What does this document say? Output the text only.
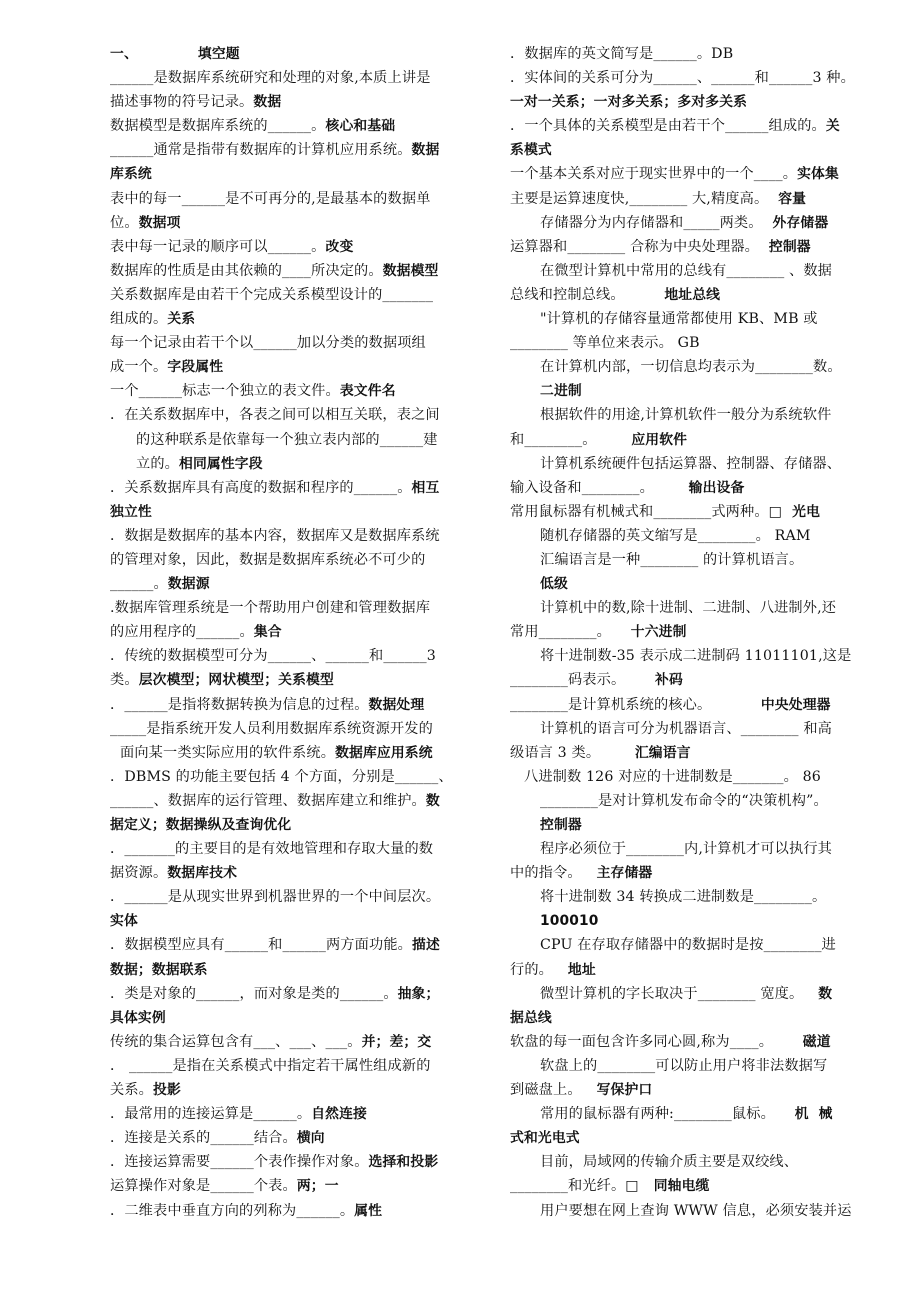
一、	填空题
______是数据库系统研究和处理的对象,本质上讲是
描述事物的符号记录。数据
数据模型是数据库系统的______。核心和基础
______通常是指带有数据库的计算机应用系统。数据
库系统
表中的每一______是不可再分的,是最基本的数据单
位。数据项
表中每一记录的顺序可以______。改变
数据库的性质是由其依赖的____所决定的。数据模型
关系数据库是由若干个完成关系模型设计的_______
组成的。关系
每一个记录由若干个以______加以分类的数据项组
成一个。字段属性
一个______标志一个独立的表文件。表文件名
．在关系数据库中，各表之间可以相互关联，表之间
的这种联系是依靠每一个独立表内部的______建
立的。相同属性字段
．关系数据库具有高度的数据和程序的______。相互
独立性
．数据是数据库的基本内容，数据库又是数据库系统
的管理对象，因此，数据是数据库系统必不可少的
______。数据源
.数据库管理系统是一个帮助用户创建和管理数据库
的应用程序的______。集合
．传统的数据模型可分为______、______和______3
类。层次模型；网状模型；关系模型
．______是指将数据转换为信息的过程。数据处理
_____是指系统开发人员利用数据库系统资源开发的
面向某一类实际应用的软件系统。数据库应用系统
．DBMS 的功能主要包括 4 个方面，分别是______、
______、数据库的运行管理、数据库建立和维护。数
据定义；数据操纵及查询优化
．_______的主要目的是有效地管理和存取大量的数
据资源。数据库技术
．______是从现实世界到机器世界的一个中间层次。
实体
．数据模型应具有______和______两方面功能。描述
数据；数据联系
．类是对象的______，而对象是类的______。抽象；
具体实例
传统的集合运算包含有___、___、___。并；差；交
． ______是指在关系模式中指定若干属性组成新的
关系。投影
．最常用的连接运算是______。自然连接
．连接是关系的______结合。横向
．连接运算需要______个表作操作对象。选择和投影
运算操作对象是______个表。两；一
．二维表中垂直方向的列称为______。属性
．数据库的英文简写是______。DB
．实体间的关系可分为______、______和______3 种。
一对一关系；一对多关系；多对多关系
．一个具体的关系模型是由若干个______组成的。关
系模式
一个基本关系对应于现实世界中的一个____。实体集
主要是运算速度快,________ 大,精度高。  容量
存储器分为内存储器和_____两类。  外存储器
运算器和________ 合称为中央处理器。  控制器
在微型计算机中常用的总线有________ 、数据
总线和控制总线。        地址总线
"计算机的存储容量通常都使用 KB、MB 或
________ 等单位来表示。 GB
在计算机内部，一切信息均表示为________数。
二进制
根据软件的用途,计算机软件一般分为系统软件
和________。       应用软件
计算机系统硬件包括运算器、控制器、存储器、
输入设备和________。       输出设备
常用鼠标器有机械式和________式两种。□  光电
随机存储器的英文缩写是________。 RAM
汇编语言是一种________ 的计算机语言。
低级
计算机中的数,除十进制、二进制、八进制外,还
常用________。    十六进制
将十进制数-35 表示成二进制码 11011101,这是
________码表示。      补码
________是计算机系统的核心。          中央处理器
计算机的语言可分为机器语言、________ 和高
级语言 3 类。       汇编语言
八进制数 126 对应的十进制数是_______。 86
________是对计算机发布命令的“决策机构”。
控制器
程序必须位于________内,计算机才可以执行其
中的指令。   主存储器
将十进制数 34 转换成二进制数是________。
100010
CPU 在存取存储器中的数据时是按________进
行的。   地址
微型计算机的字长取决于________ 宽度。   数
据总线
软盘的每一面包含许多同心圆,称为____。      磁道
软盘上的________可以防止用户将非法数据写
到磁盘上。   写保护口
常用的鼠标器有两种:________鼠标。    机  械
式和光电式
目前，局域网的传输介质主要是双绞线、
________和光纤。□   同轴电缆
用户要想在网上查询 WWW 信息，必须安装并运
